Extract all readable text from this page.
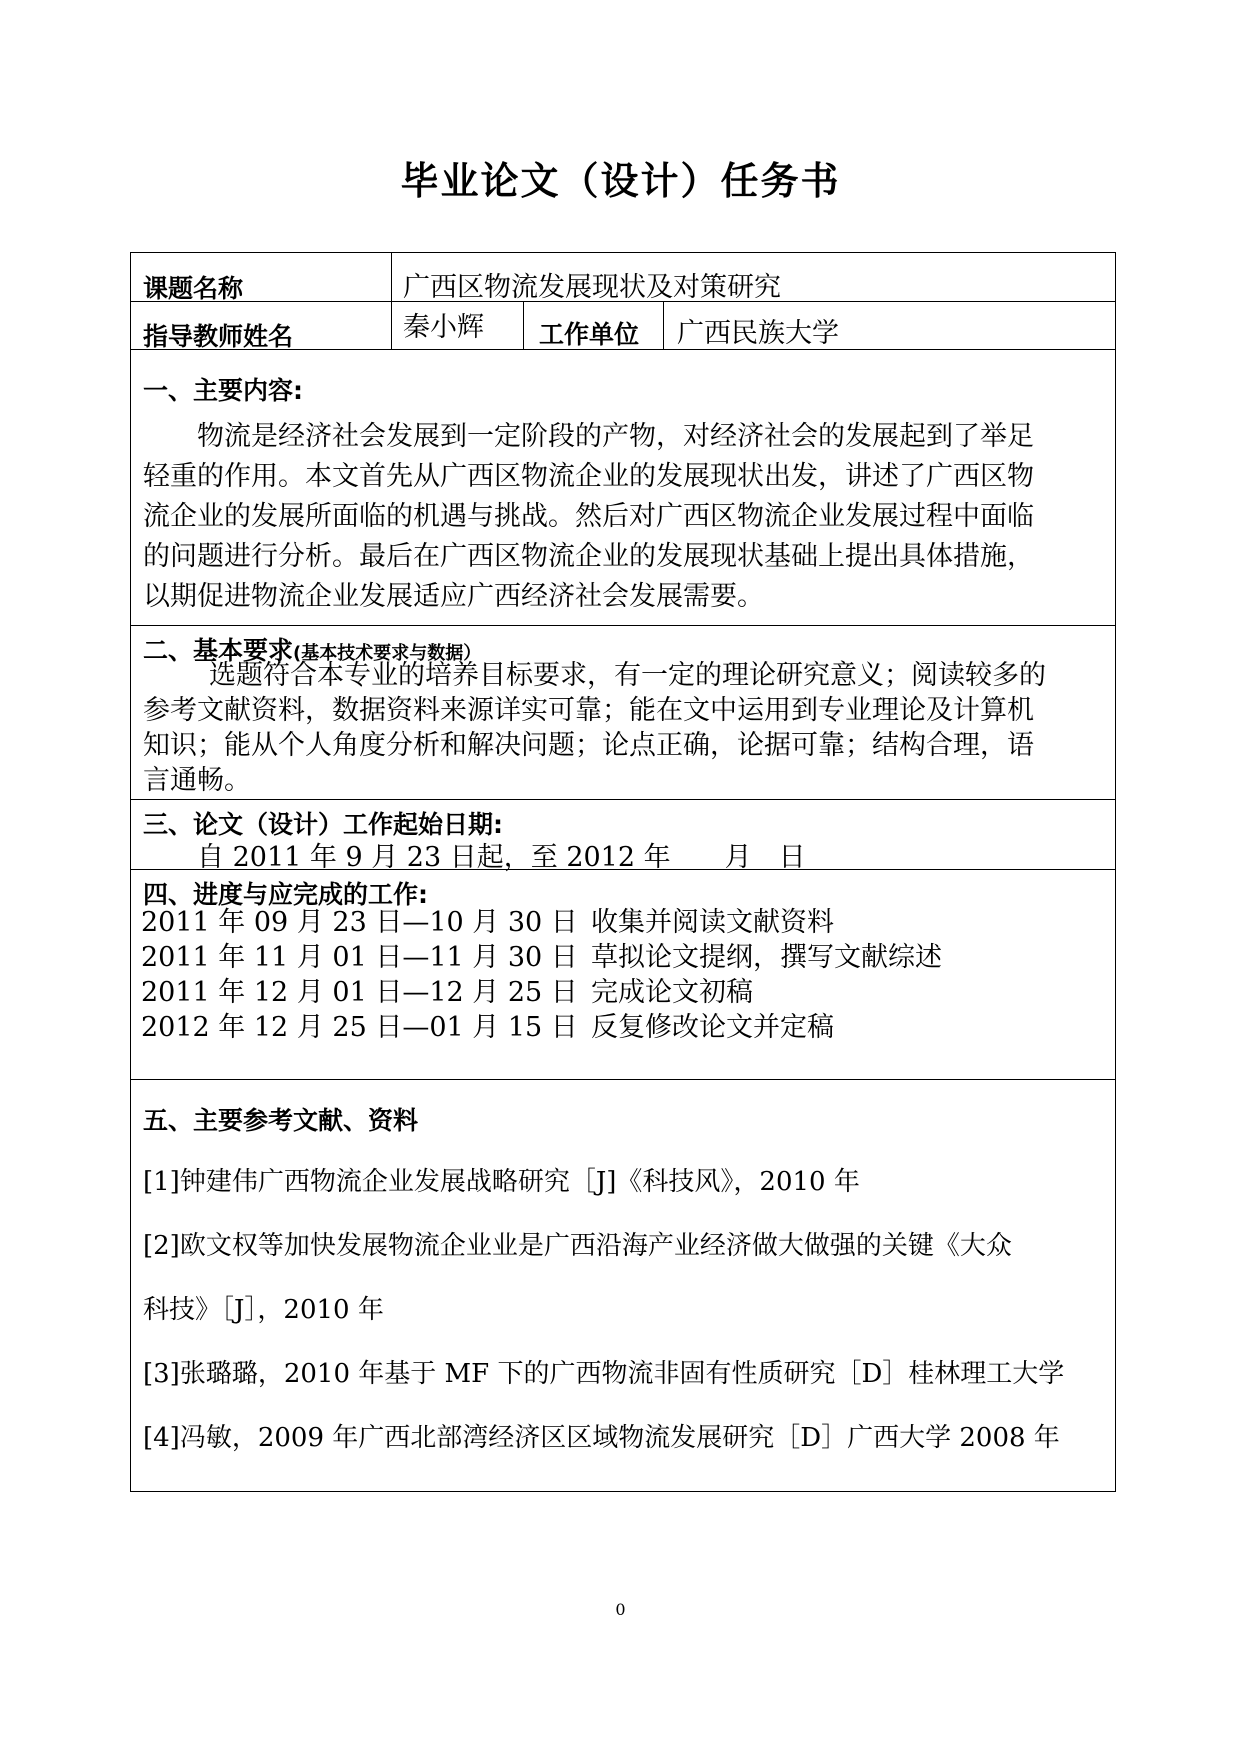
毕业论文（设计）任务书
课题名称	广西区物流发展现状及对策研究
指导教师姓名	秦小辉 工作单位 广西民族大学
一、主要内容:
物流是经济社会发展到一定阶段的产物，对经济社会的发展起到了举足
轻重的作用。本文首先从广西区物流企业的发展现状出发，讲述了广西区物
流企业的发展所面临的机遇与挑战。然后对广西区物流企业发展过程中面临
的问题进行分析。最后在广西区物流企业的发展现状基础上提出具体措施，
以期促进物流企业发展适应广西经济社会发展需要。
二、基本要求(基本技术要求与数据）
选题符合本专业的培养目标要求，有一定的理论研究意义；阅读较多的
参考文献资料，数据资料来源详实可靠；能在文中运用到专业理论及计算机
知识；能从个人角度分析和解决问题；论点正确，论据可靠；结构合理，语
言通畅。
三、论文（设计）工作起始日期:
自 2011 年 9 月 23 日起，至 2012 年　　月　日
四、进度与应完成的工作:
2011 年 09 月 23 日—10 月 30 日
2011 年 11 月 01 日—11 月 30 日
2011 年 12 月 01 日—12 月 25 日
2012 年 12 月 25 日—01 月 15 日
收集并阅读文献资料
草拟论文提纲，撰写文献综述
完成论文初稿
反复修改论文并定稿
五、主要参考文献、资料
[1]钟建伟广西物流企业发展战略研究［J]《科技风》，2010 年
[2]欧文权等加快发展物流企业业是广西沿海产业经济做大做强的关键《大众
科技》［J］，2010 年
[3]张璐璐，2010 年基于 MF 下的广西物流非固有性质研究［D］桂林理工大学
[4]冯敏，2009 年广西北部湾经济区区域物流发展研究［D］广西大学 2008 年
0
